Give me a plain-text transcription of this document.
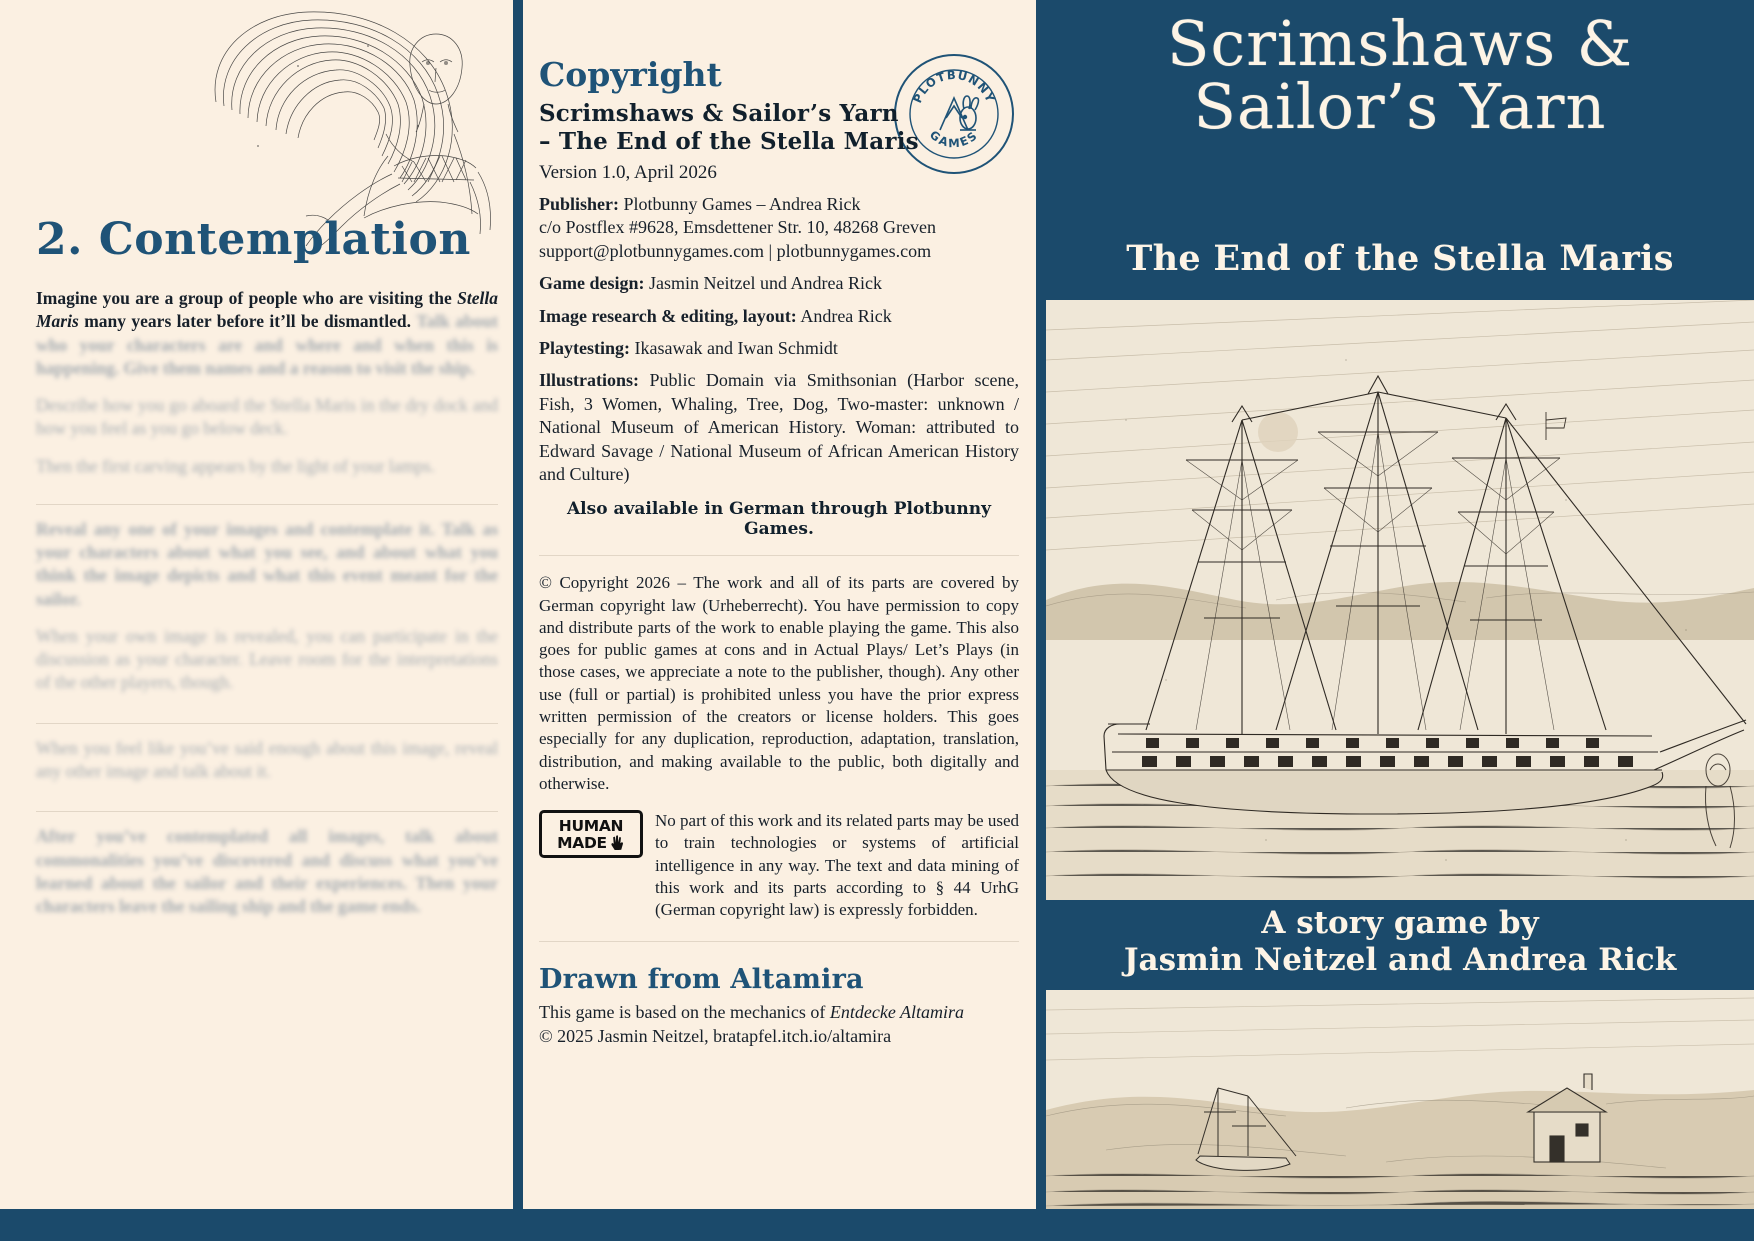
2. Contemplation

Imagine you are a group of people who are visiting the Stella Maris many years later before it’ll be dismantled. Talk about who your characters are and where and when this is happening. Give them names and a reason to visit the ship.

Describe how you go aboard the Stella Maris in the dry dock and how you feel as you go below deck.

Then the first carving appears by the light of your lamps.

Reveal any one of your images and contemplate it. Talk as your characters about what you see, and about what you think the image depicts and what this event meant for the sailor.

When your own image is revealed, you can participate in the discussion as your character. Leave room for the interpretations of the other players, though.

When you feel like you’ve said enough about this image, reveal any other image and talk about it.

After you’ve contemplated all images, talk about commonalities you’ve discovered and discuss what you’ve learned about the sailor and their experiences. Then your characters leave the sailing ship and the game ends.

PLOTBUNNY
GAMES
Copyright
Scrimshaws & Sailor’s Yarn
– The End of the Stella Maris
Version 1.0, April 2026
Publisher: Plotbunny Games – Andrea Rick
c/o Postflex #9628, Emsdettener Str. 10, 48268 Greven
support@plotbunnygames.com | plotbunnygames.com
Game design: Jasmin Neitzel und Andrea Rick
Image research & editing, layout: Andrea Rick
Playtesting: Ikasawak and Iwan Schmidt
Illustrations: Public Domain via Smithsonian (Harbor scene, Fish, 3 Women, Whaling, Tree, Dog, Two-master: unknown / National Museum of American History. Woman: attributed to Edward Savage / National Museum of African American History and Culture)
Also available in German through Plotbunny Games.
© Copyright 2026 – The work and all of its parts are covered by German copyright law (Urheberrecht). You have permission to copy and distribute parts of the work to enable playing the game. This also goes for public games at cons and in Actual Plays/ Let’s Plays (in those cases, we appreciate a note to the publisher, though). Any other use (full or partial) is prohibited unless you have the prior express written permission of the creators or license holders. This goes especially for any duplication, reproduction, adaptation, translation, distribution, and making available to the public, both digitally and otherwise.
HUMAN
MADE
No part of this work and its related parts may be used to train technologies or systems of artificial intelligence in any way. The text and data mining of this work and its parts according to § 44 UrhG (German copyright law) is expressly forbidden.
Drawn from Altamira
This game is based on the mechanics of Entdecke Altamira
© 2025 Jasmin Neitzel, bratapfel.itch.io/altamira
Scrimshaws &
Sailor’s Yarn
The End of the Stella Maris
A story game by
Jasmin Neitzel and Andrea Rick
